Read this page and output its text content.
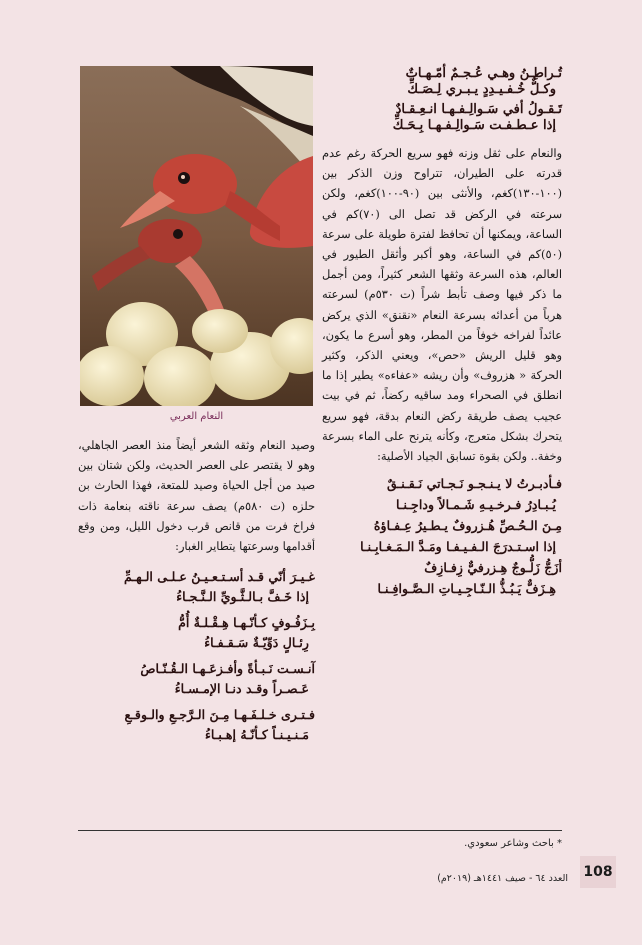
النعام العربي
تُـراطِـنُ وهـي عُـجـمٌ أمّـهـاتٌ
وكـلٌّ خُـفـيـدِدٍ يـبـري لِـصَـكِّ
تَـقـولُ أفي سَـوالِـفـهـا انـعِـقـادٌ
إذا عـطـفـت سَـوالِـفـهـا بِـحَـكِّ

والنعام على ثقل وزنه فهو سريع الحركة رغم عدم قدرته على الطيران، تتراوح وزن الذكر بين (١٠٠-١٣٠)كغم، والأنثى بين (٩٠-١٠٠)كغم، ولكن سرعته في الركض قد تصل الى (٧٠)كم في الساعة، ويمكنها أن تحافظ لفترة طويلة على سرعة (٥٠)كم في الساعة، وهو أكبر وأثقل الطيور في العالم، هذه السرعة وثقها الشعر كثيراً، ومن أجمل ما ذكر فيها وصف تأبط شراً (ت ٥٣٠م) لسرعته هرباً من أعدائه بسرعة النعام «نقنق» الذي يركض عائداً لفراخه خوفاً من المطر، وهو أسرع ما يكون، وهو قليل الريش «حص»، ويعني الذكر، وكثير الحركة « هزروف» وأن ريشه «عفاءه» يطير إذا ما انطلق في الصحراء ومد ساقيه ركضاً، ثم في بيت عجيب يصف طريقة ركض النعام بدقة، فهو سريع يتحرك بشكل متعرج، وكأنه يترنح على الماء بسرعة وخفة.. ولكن بقوة تسابق الجياد الأصلية:

فـأدبـرتُ لا يـنـجـو نَـجـاتي نَـقـنـقٌ
يُـبـادِرُ فـرخـيـهِ شَـمـالاً وداجِـنـا
مِـنَ الـحُـصِّ هُـزروفٌ يـطـيرُ عِـفـاؤهُ
إذا اسـتـدرَجَ الـفـيـفـا ومَـدَّ الـمَـغـابِـنـا
أزَجُّ زَلُّـوجٌ هِـزرفيٌّ زِفـازِفٌ
هِـزَفٌّ يَـبُـذُّ الـنّـاجِـيـاتِ الـصَّـوافِـنـا

وصيد النعام وثقه الشعر أيضاً منذ العصر الجاهلي، وهو لا يقتصر على العصر الحديث، ولكن شتان بين صيد من أجل الحياة وصيد للمتعة، فهذا الحارث بن حلزه (ت ٥٨٠م) يصف سرعة ناقته بنعامة ذات فراخ فرت من قانص قرب دخول الليل، ومن وقع أقدامها وسرعتها يتطاير الغبار:

غـيـرَ أنّي قـد أسـتـعـيـنُ عـلـى الـهـمِّ
إذا خَـفَّ بـالـثَّـويِّ الـنَّـجـاءُ
بِـزَفُـوفٍ كـأنّـهـا هِـقْـلـةٌ أُمُّ
رِئـالٍ دَوِّيّـةٌ سَـقـفـاءُ
آنـسـت نَـبـأةً وأفـزعَـهـا الـقُـنّـاصُ
عَـصـراً وقـد دنـا الإمـسـاءُ
فـتـرى خـلـفَـهـا مِـنَ الـرَّجـعِ والـوقـعِ
مَـنـيـنـاً كـأنّـهُ إهـبـاءُ
* باحث وشاعر سعودي.
108
العدد ٦٤ - صيف ١٤٤١هـ (٢٠١٩م)
